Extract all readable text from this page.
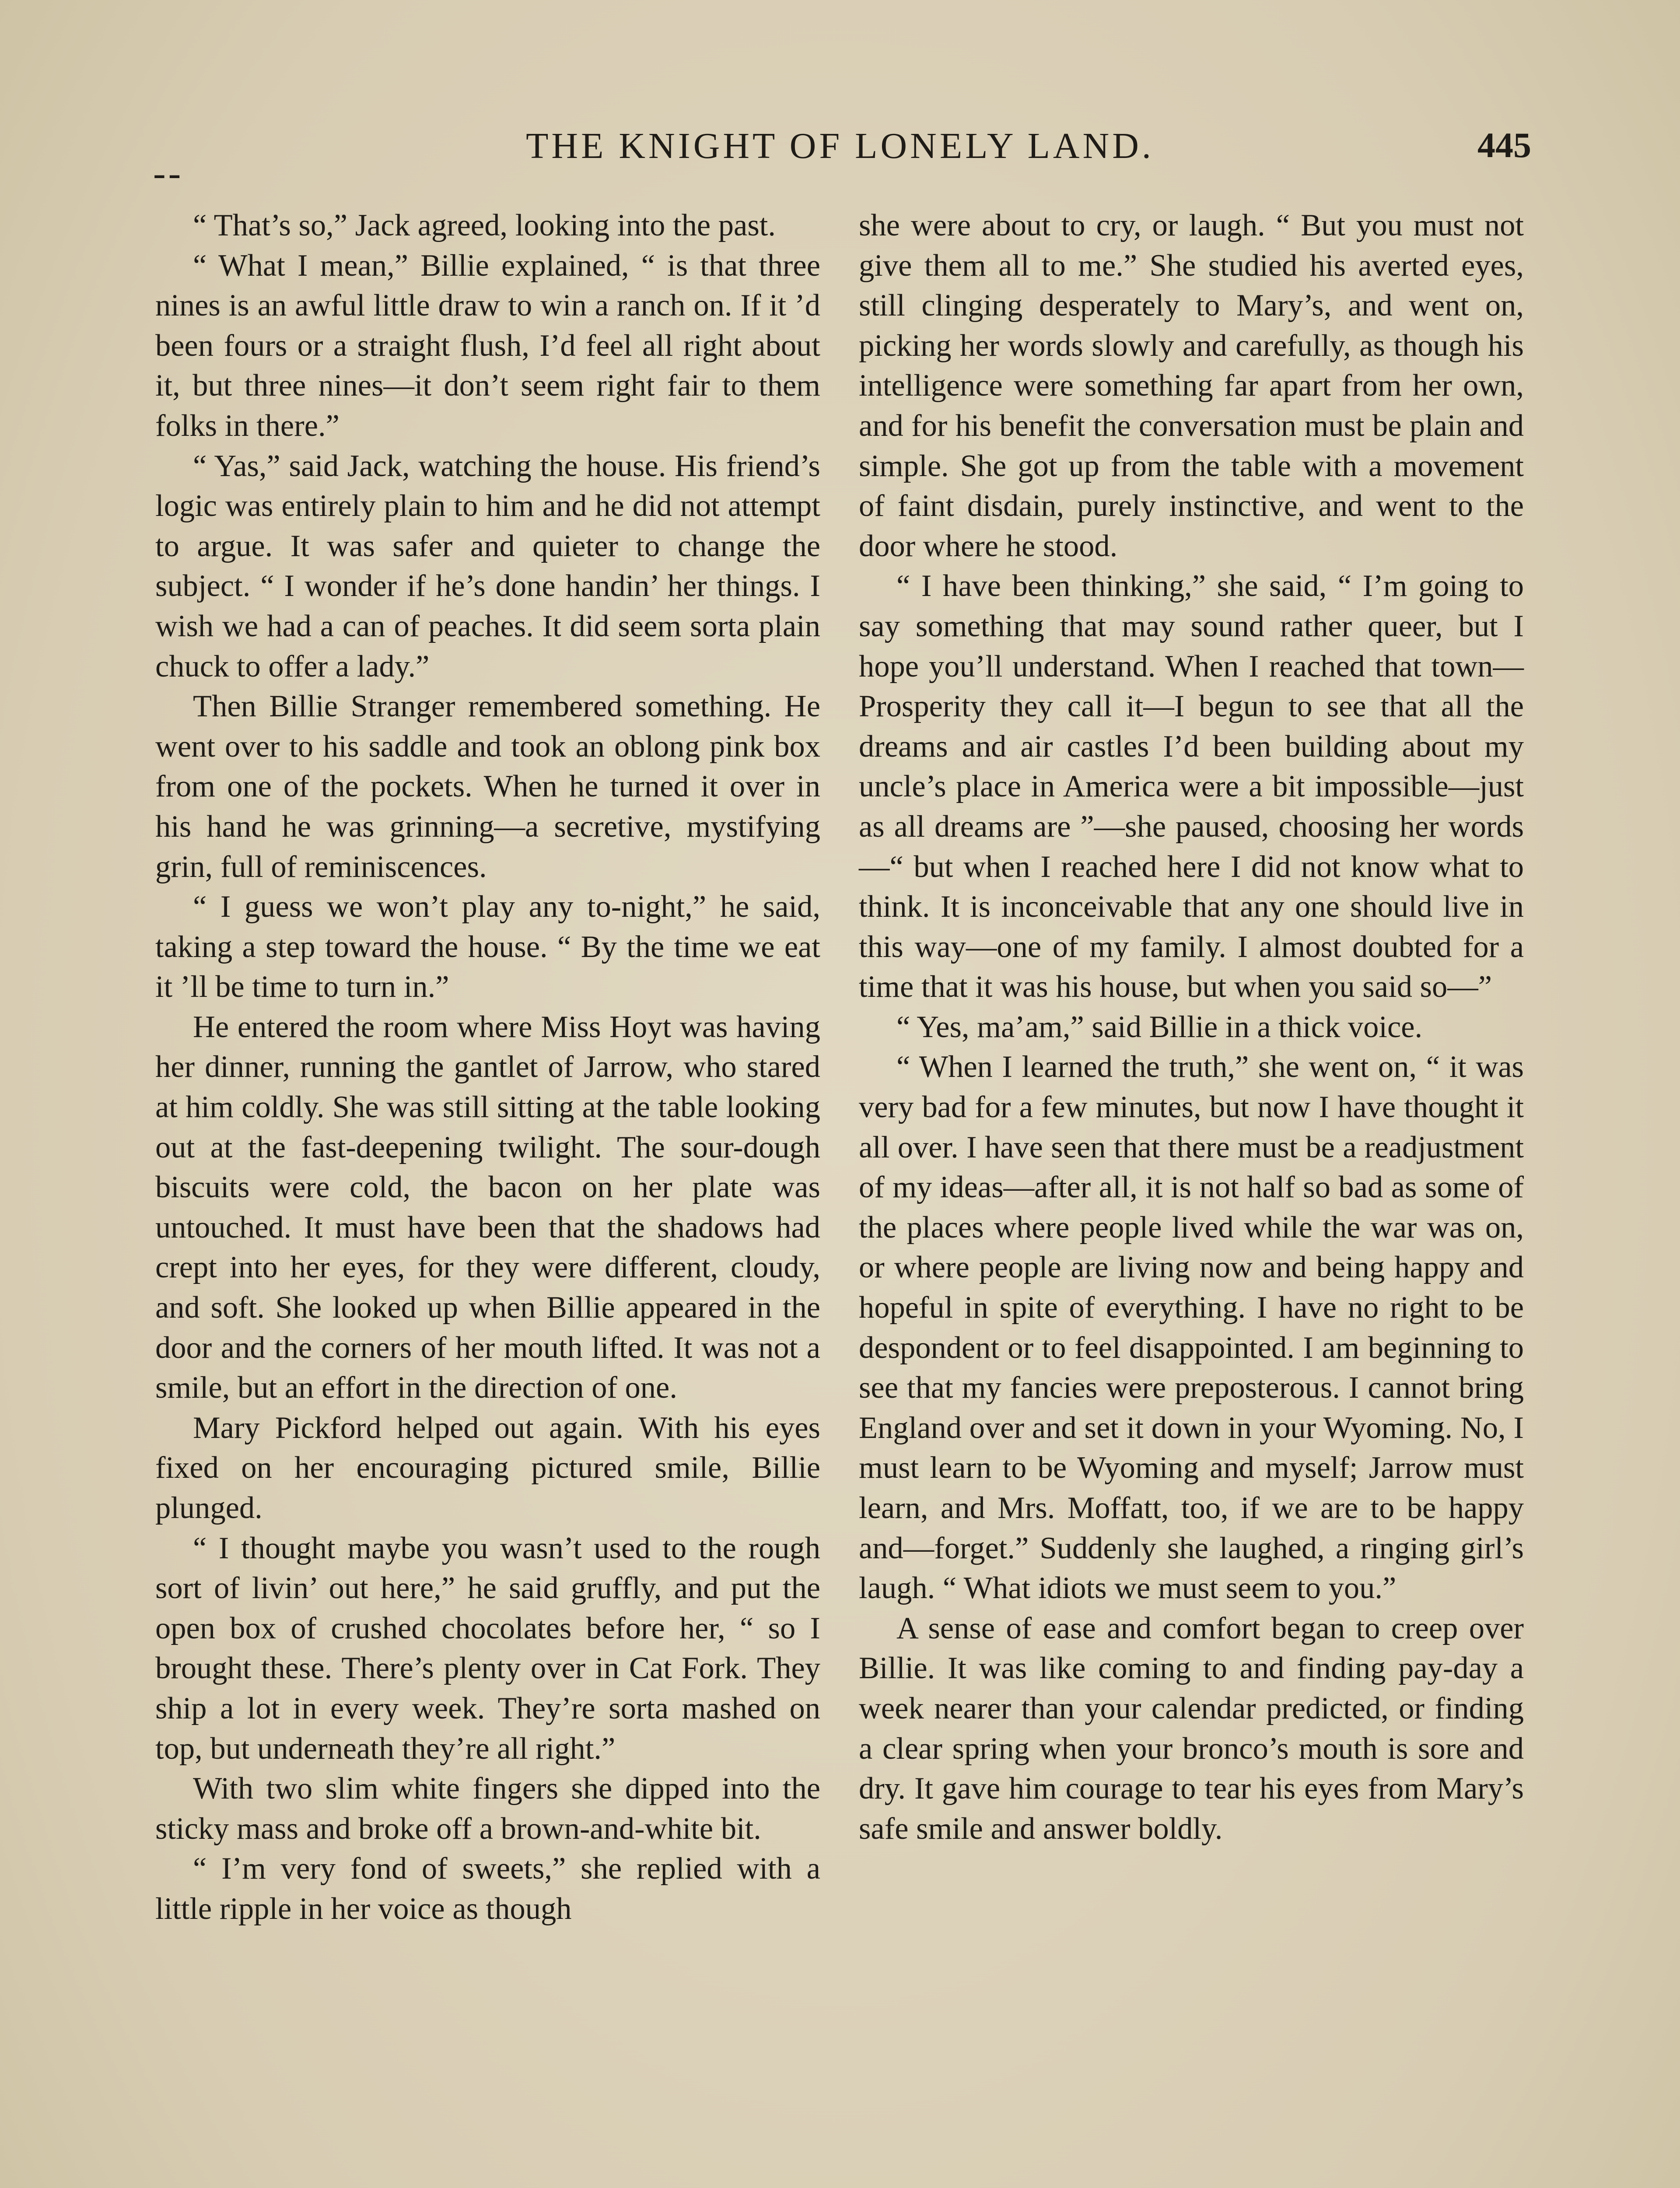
--
THE KNIGHT OF LONELY LAND.	445

“ That’s so,” Jack agreed, looking into the past.

“ What I mean,” Billie explained, “ is that three nines is an awful little draw to win a ranch on. If it ’d been fours or a straight flush, I’d feel all right about it, but three nines—it don’t seem right fair to them folks in there.”

“ Yas,” said Jack, watching the house. His friend’s logic was entirely plain to him and he did not attempt to argue. It was safer and quieter to change the subject. “ I wonder if he’s done handin’ her things. I wish we had a can of peaches. It did seem sorta plain chuck to offer a lady.”

Then Billie Stranger remembered something. He went over to his saddle and took an oblong pink box from one of the pockets. When he turned it over in his hand he was grinning—a secretive, mystifying grin, full of reminiscences.

“ I guess we won’t play any to-night,” he said, taking a step toward the house. “ By the time we eat it ’ll be time to turn in.”

He entered the room where Miss Hoyt was having her dinner, running the gantlet of Jarrow, who stared at him coldly. She was still sitting at the table looking out at the fast-deepening twilight. The sour-dough biscuits were cold, the bacon on her plate was untouched. It must have been that the shadows had crept into her eyes, for they were different, cloudy, and soft. She looked up when Billie appeared in the door and the corners of her mouth lifted. It was not a smile, but an effort in the direction of one.

Mary Pickford helped out again. With his eyes fixed on her encouraging pictured smile, Billie plunged.

“ I thought maybe you wasn’t used to the rough sort of livin’ out here,” he said gruffly, and put the open box of crushed chocolates before her, “ so I brought these. There’s plenty over in Cat Fork. They ship a lot in every week. They’re sorta mashed on top, but underneath they’re all right.”

With two slim white fingers she dipped into the sticky mass and broke off a brown-and-white bit.

“ I’m very fond of sweets,” she replied with a little ripple in her voice as though

she were about to cry, or laugh. “ But you must not give them all to me.” She studied his averted eyes, still clinging desperately to Mary’s, and went on, picking her words slowly and carefully, as though his intelligence were something far apart from her own, and for his benefit the conversation must be plain and simple. She got up from the table with a movement of faint disdain, purely instinctive, and went to the door where he stood.

“ I have been thinking,” she said, “ I’m going to say something that may sound rather queer, but I hope you’ll understand. When I reached that town—Prosperity they call it—I begun to see that all the dreams and air castles I’d been building about my uncle’s place in America were a bit impossible—just as all dreams are ”—she paused, choosing her words—“ but when I reached here I did not know what to think. It is inconceivable that any one should live in this way—one of my family. I almost doubted for a time that it was his house, but when you said so—”

“ Yes, ma’am,” said Billie in a thick voice.

“ When I learned the truth,” she went on, “ it was very bad for a few minutes, but now I have thought it all over. I have seen that there must be a readjustment of my ideas—after all, it is not half so bad as some of the places where people lived while the war was on, or where people are living now and being happy and hopeful in spite of everything. I have no right to be despondent or to feel disappointed. I am beginning to see that my fancies were preposterous. I cannot bring England over and set it down in your Wyoming. No, I must learn to be Wyoming and myself; Jarrow must learn, and Mrs. Moffatt, too, if we are to be happy and—forget.” Suddenly she laughed, a ringing girl’s laugh. “ What idiots we must seem to you.”

A sense of ease and comfort began to creep over Billie. It was like coming to and finding pay-day a week nearer than your calendar predicted, or finding a clear spring when your bronco’s mouth is sore and dry. It gave him courage to tear his eyes from Mary’s safe smile and answer boldly.
